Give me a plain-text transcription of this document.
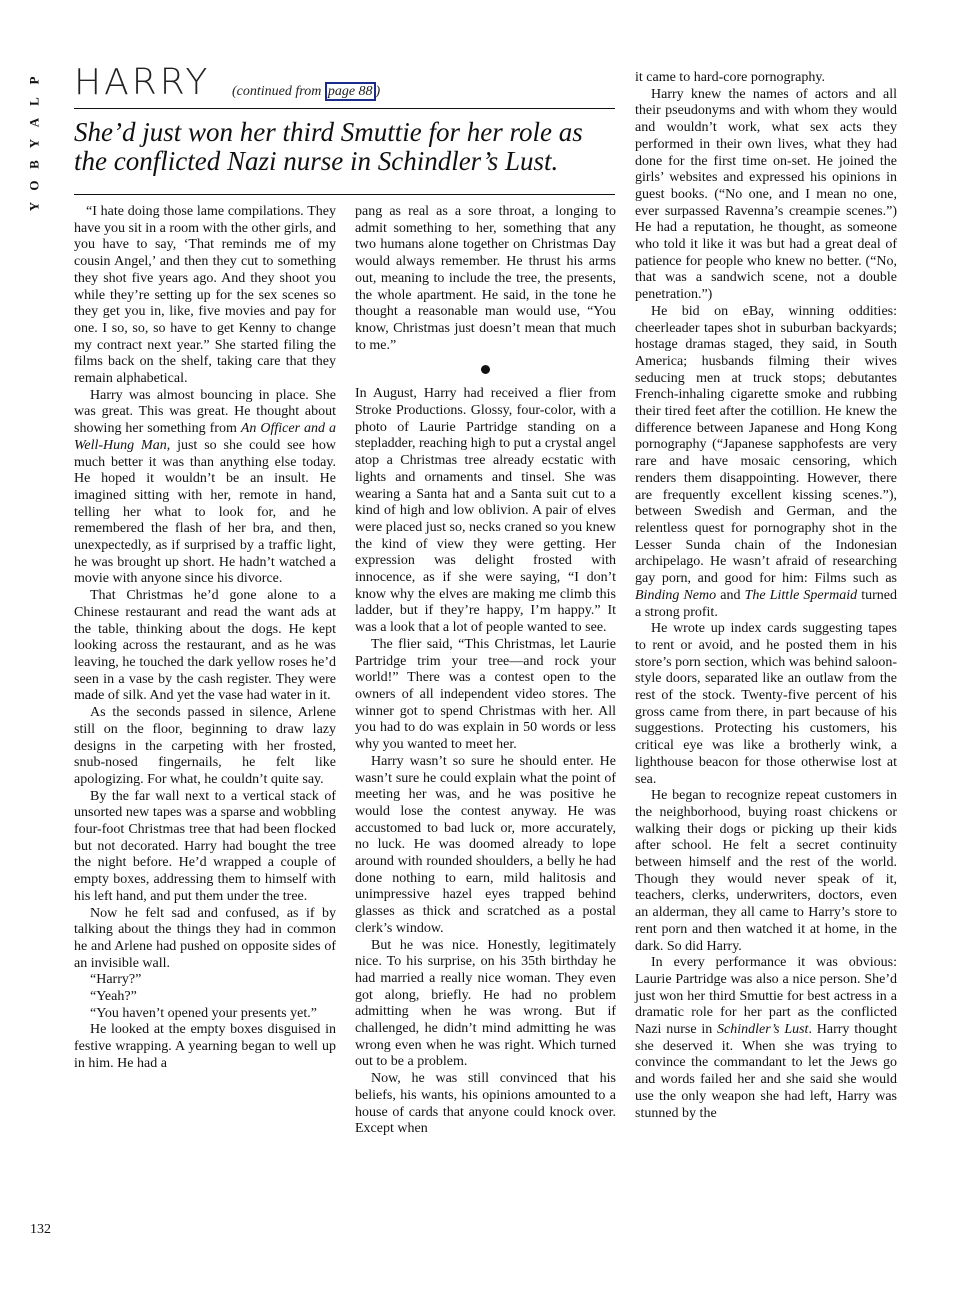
P
L
A
Y
B
O
Y
HARRY (continued from page 88 )
She’d just won her third Smuttie for her role as the conflicted Nazi nurse in Schindler’s Lust.

“I hate doing those lame compilations. They have you sit in a room with the other girls, and you have to say, ‘That reminds me of my cousin Angel,’ and then they cut to something they shot five years ago. And they shoot you while they’re setting up for the sex scenes so they get you in, like, five movies and pay for one. I so, so, so have to get Kenny to change my contract next year.” She started filing the films back on the shelf, taking care that they remain alphabetical.

Harry was almost bouncing in place. She was great. This was great. He thought about showing her something from An Officer and a Well-Hung Man, just so she could see how much better it was than anything else today. He hoped it wouldn’t be an insult. He imagined sitting with her, remote in hand, telling her what to look for, and he remembered the flash of her bra, and then, unexpectedly, as if surprised by a traffic light, he was brought up short. He hadn’t watched a movie with anyone since his divorce.

That Christmas he’d gone alone to a Chinese restaurant and read the want ads at the table, thinking about the dogs. He kept looking across the restaurant, and as he was leaving, he touched the dark yellow roses he’d seen in a vase by the cash register. They were made of silk. And yet the vase had water in it.

As the seconds passed in silence, Arlene still on the floor, beginning to draw lazy designs in the carpeting with her frosted, snub-nosed fingernails, he felt like apologizing. For what, he couldn’t quite say.

By the far wall next to a vertical stack of unsorted new tapes was a sparse and wobbling four-foot Christmas tree that had been flocked but not decorated. Harry had bought the tree the night before. He’d wrapped a couple of empty boxes, addressing them to himself with his left hand, and put them under the tree.

Now he felt sad and confused, as if by talking about the things they had in common he and Arlene had pushed on opposite sides of an invisible wall.

“Harry?”

“Yeah?”

“You haven’t opened your presents yet.”

He looked at the empty boxes disguised in festive wrapping. A yearning began to well up in him. He had a

pang as real as a sore throat, a longing to admit something to her, something that any two humans alone together on Christmas Day would always remember. He thrust his arms out, meaning to include the tree, the presents, the whole apartment. He said, in the tone he thought a reasonable man would use, “You know, Christmas just doesn’t mean that much to me.”

In August, Harry had received a flier from Stroke Productions. Glossy, four-color, with a photo of Laurie Partridge standing on a stepladder, reaching high to put a crystal angel atop a Christmas tree already ecstatic with lights and ornaments and tinsel. She was wearing a Santa hat and a Santa suit cut to a kind of high and low oblivion. A pair of elves were placed just so, necks craned so you knew the kind of view they were getting. Her expression was delight frosted with innocence, as if she were saying, “I don’t know why the elves are making me climb this ladder, but if they’re happy, I’m happy.” It was a look that a lot of people wanted to see.

The flier said, “This Christmas, let Laurie Partridge trim your tree—and rock your world!” There was a contest open to the owners of all independent video stores. The winner got to spend Christmas with her. All you had to do was explain in 50 words or less why you wanted to meet her.

Harry wasn’t so sure he should enter. He wasn’t sure he could explain what the point of meeting her was, and he was positive he would lose the contest anyway. He was accustomed to bad luck or, more accurately, no luck. He was doomed already to lope around with rounded shoulders, a belly he had done nothing to earn, mild halitosis and unimpressive hazel eyes trapped behind glasses as thick and scratched as a postal clerk’s window.

But he was nice. Honestly, legitimately nice. To his surprise, on his 35th birthday he had married a really nice woman. They even got along, briefly. He had no problem admitting when he was wrong. But if challenged, he didn’t mind admitting he was wrong even when he was right. Which turned out to be a problem.

Now, he was still convinced that his beliefs, his wants, his opinions amounted to a house of cards that anyone could knock over. Except when

it came to hard-core pornography.

Harry knew the names of actors and all their pseudonyms and with whom they would and wouldn’t work, what sex acts they performed in their own lives, what they had done for the first time on-set. He joined the girls’ websites and expressed his opinions in guest books. (“No one, and I mean no one, ever surpassed Ravenna’s creampie scenes.”) He had a reputation, he thought, as someone who told it like it was but had a great deal of patience for people who knew no better. (“No, that was a sandwich scene, not a double penetration.”)

He bid on eBay, winning oddities: cheerleader tapes shot in suburban backyards; hostage dramas staged, they said, in South America; husbands filming their wives seducing men at truck stops; debutantes French-inhaling cigarette smoke and rubbing their tired feet after the cotillion. He knew the difference between Japanese and Hong Kong pornography (“Japanese sapphofests are very rare and have mosaic censoring, which renders them disappointing. However, there are frequently excellent kissing scenes.”), between Swedish and German, and the relentless quest for pornography shot in the Lesser Sunda chain of the Indonesian archipelago. He wasn’t afraid of researching gay porn, and good for him: Films such as Binding Nemo and The Little Spermaid turned a strong profit.

He wrote up index cards suggesting tapes to rent or avoid, and he posted them in his store’s porn section, which was behind saloon-style doors, separated like an outlaw from the rest of the stock. Twenty-five percent of his gross came from there, in part because of his suggestions. Protecting his customers, his critical eye was like a brotherly wink, a lighthouse beacon for those otherwise lost at sea.

He began to recognize repeat customers in the neighborhood, buying roast chickens or walking their dogs or picking up their kids after school. He felt a secret continuity between himself and the rest of the world. Though they would never speak of it, teachers, clerks, underwriters, doctors, even an alderman, they all came to Harry’s store to rent porn and then watched it at home, in the dark. So did Harry.

In every performance it was obvious: Laurie Partridge was also a nice person. She’d just won her third Smuttie for best actress in a dramatic role for her part as the conflicted Nazi nurse in Schindler’s Lust. Harry thought she deserved it. When she was trying to convince the commandant to let the Jews go and words failed her and she said she would use the only weapon she had left, Harry was stunned by the

132
